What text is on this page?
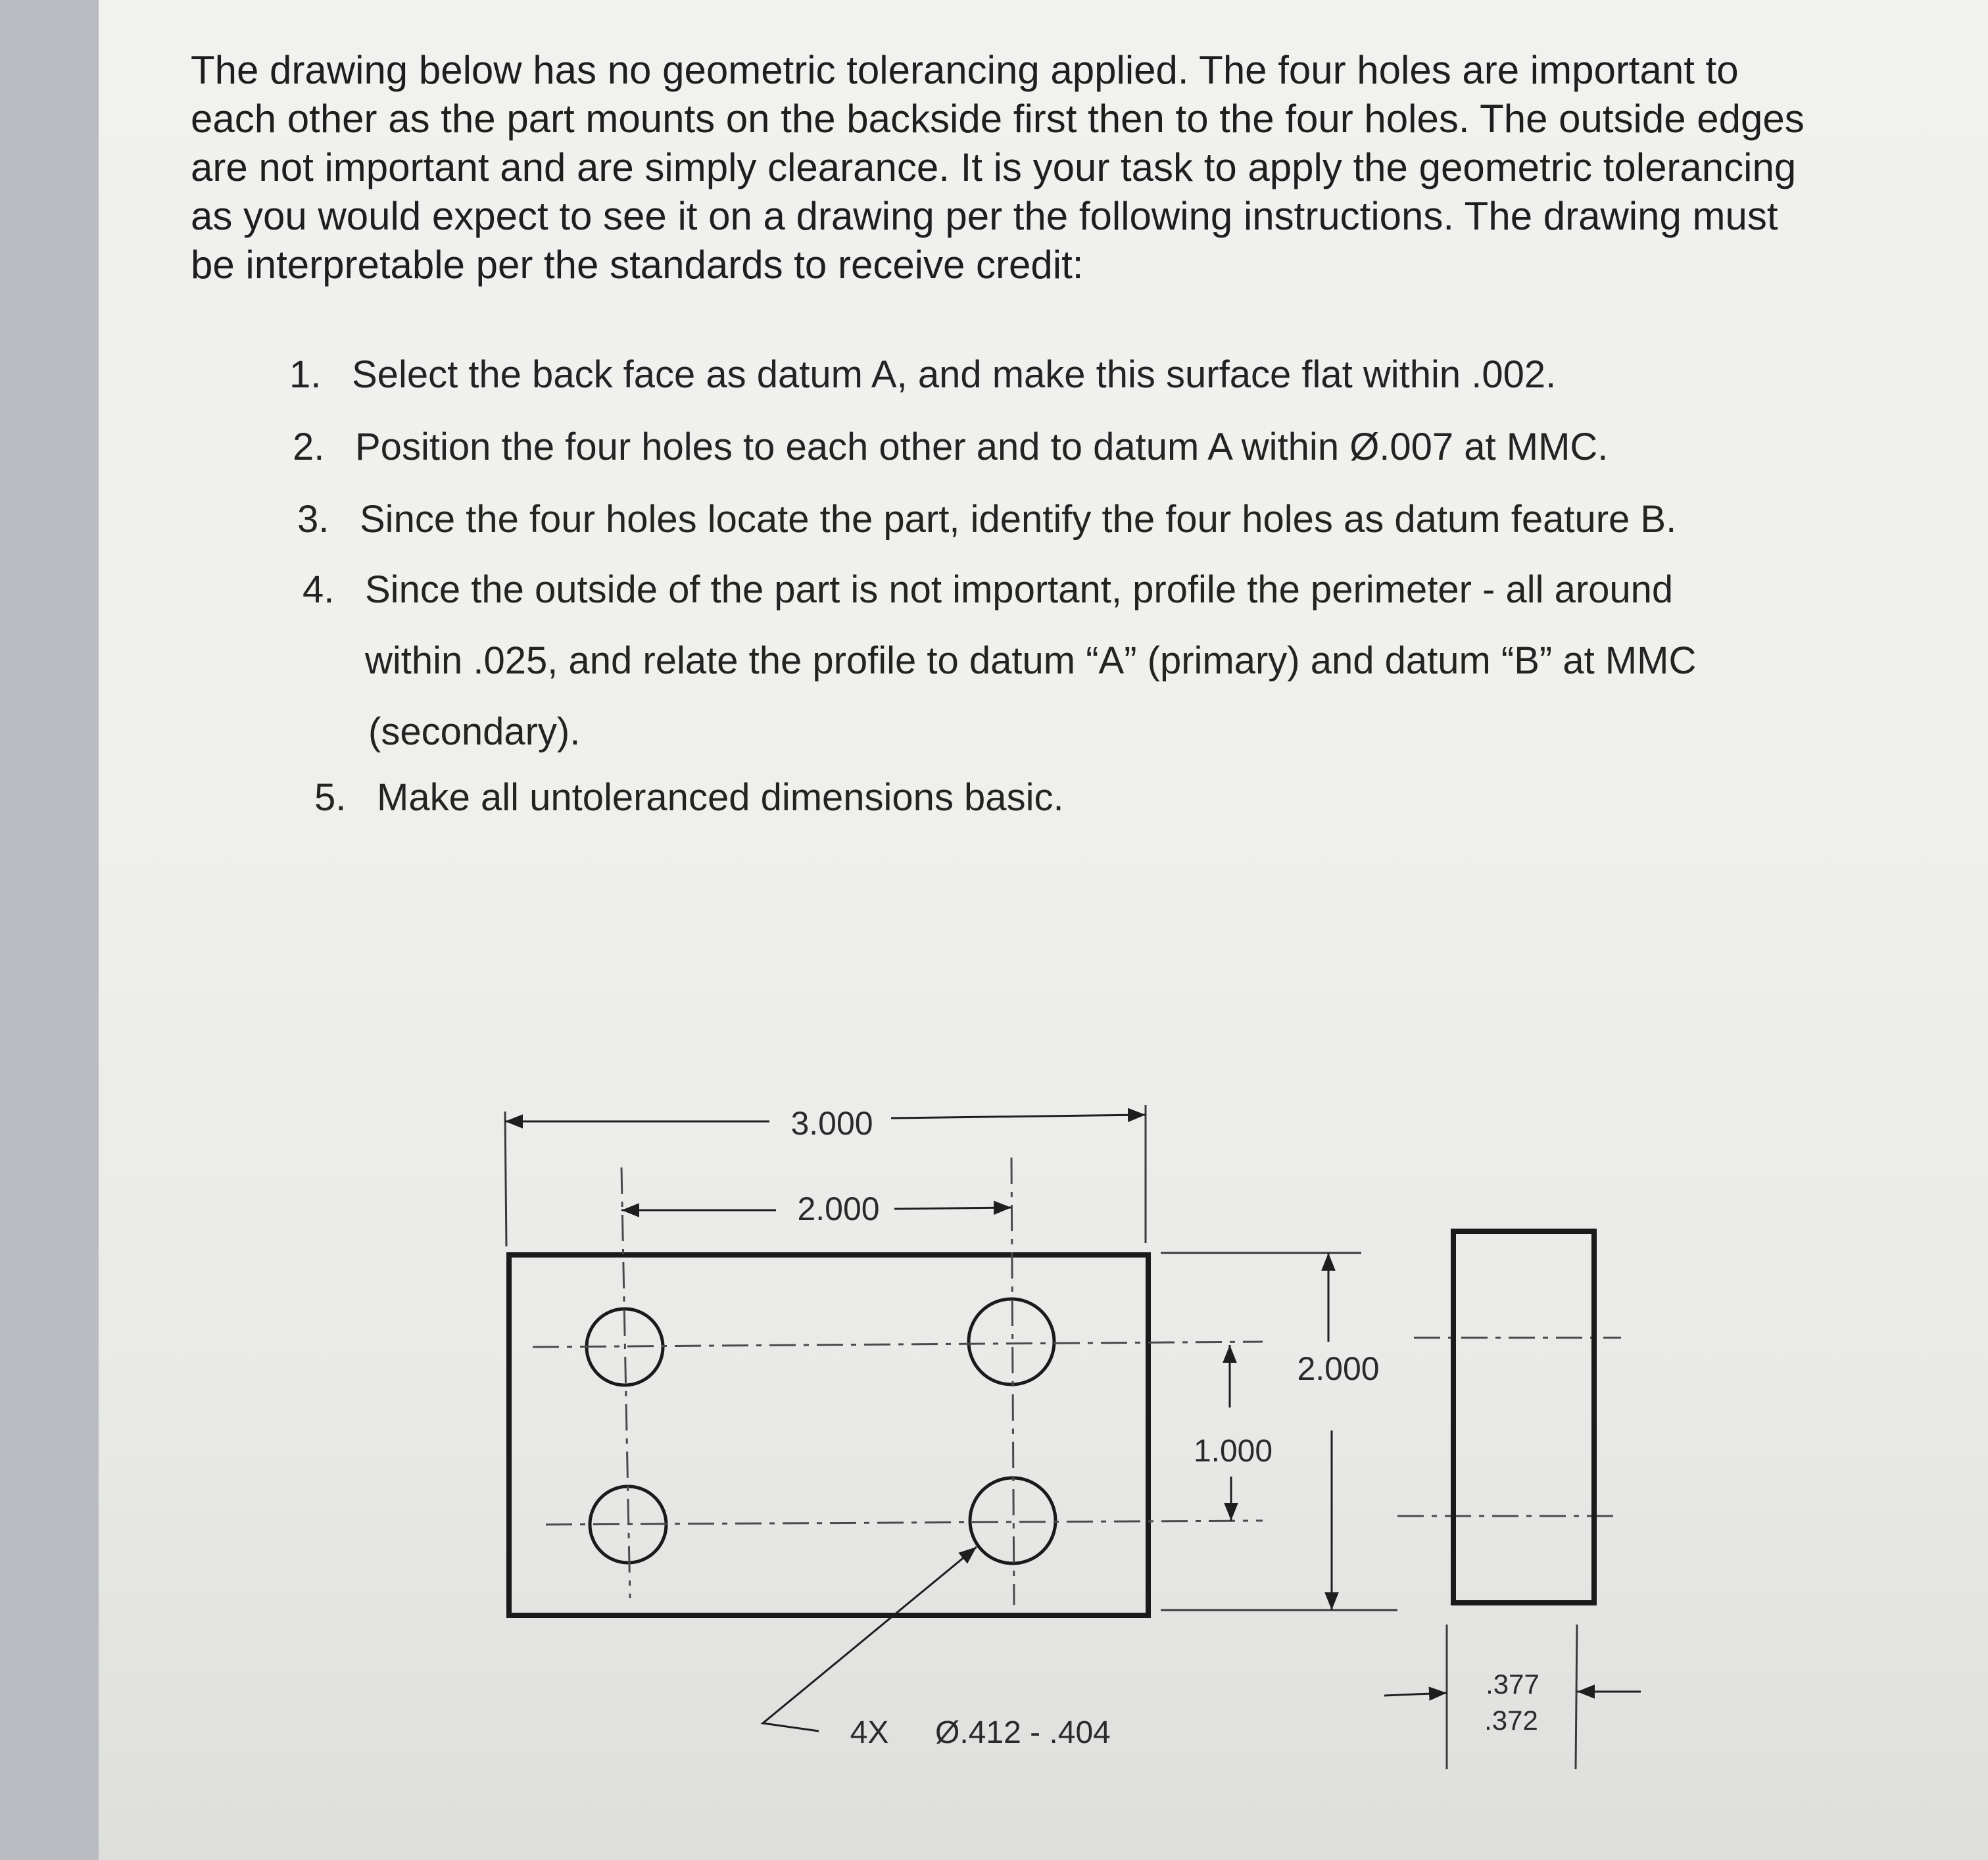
The drawing below has no geometric tolerancing applied. The four holes are important to each other as the part mounts on the backside first then to the four holes. The outside edges are not important and are simply clearance. It is your task to apply the geometric tolerancing as you would expect to see it on a drawing per the following instructions. The drawing must be interpretable per the standards to receive credit:

1. Select the back face as datum A, and make this surface flat within .002.
2. Position the four holes to each other and to datum A within Ø.007 at MMC.
3. Since the four holes locate the part, identify the four holes as datum feature B.
4. Since the outside of the part is not important, profile the perimeter - all around
within .025, and relate the profile to datum “A” (primary) and datum “B” at MMC
(secondary).
5. Make all untoleranced dimensions basic.
3.000
2.000
1.000
2.000
4X Ø.412 - .404
.377
.372
